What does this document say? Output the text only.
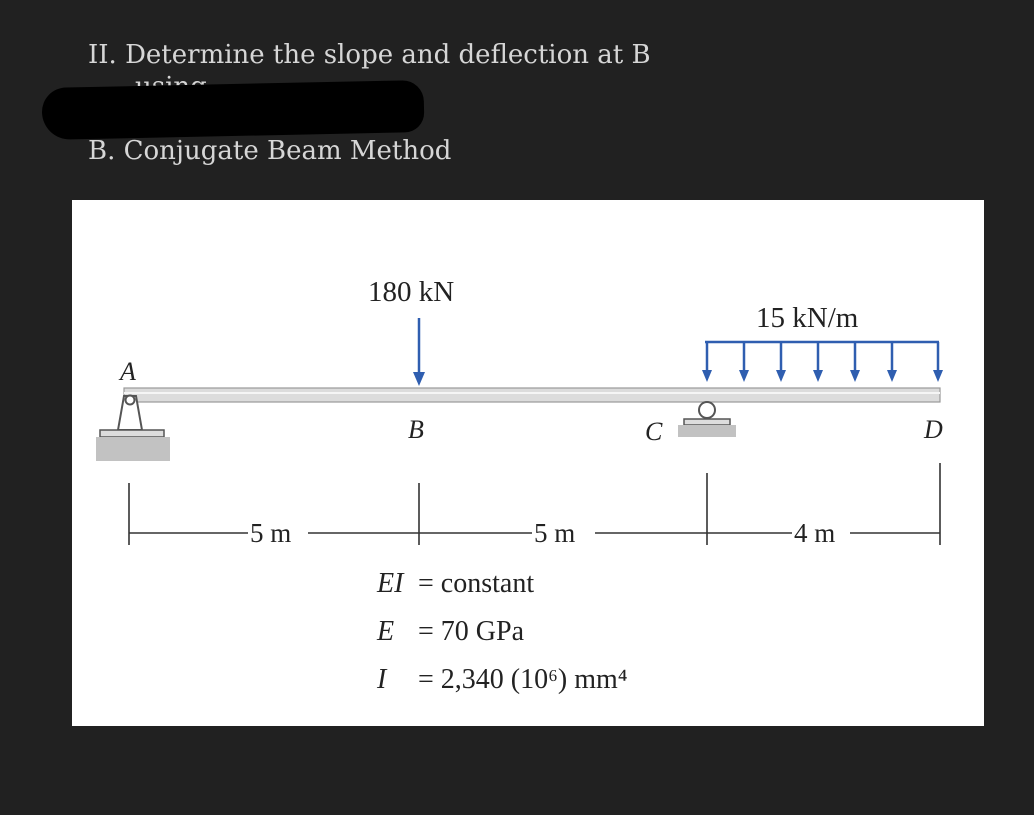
II. Determine the slope and deflection at B
B. Conjugate Beam Method
180 kN
15 kN/m
A
B	C	D
5 m	5 m	4 m
EI = constant
E = 70 GPa
I = 2,340 (10⁶) mm⁴
